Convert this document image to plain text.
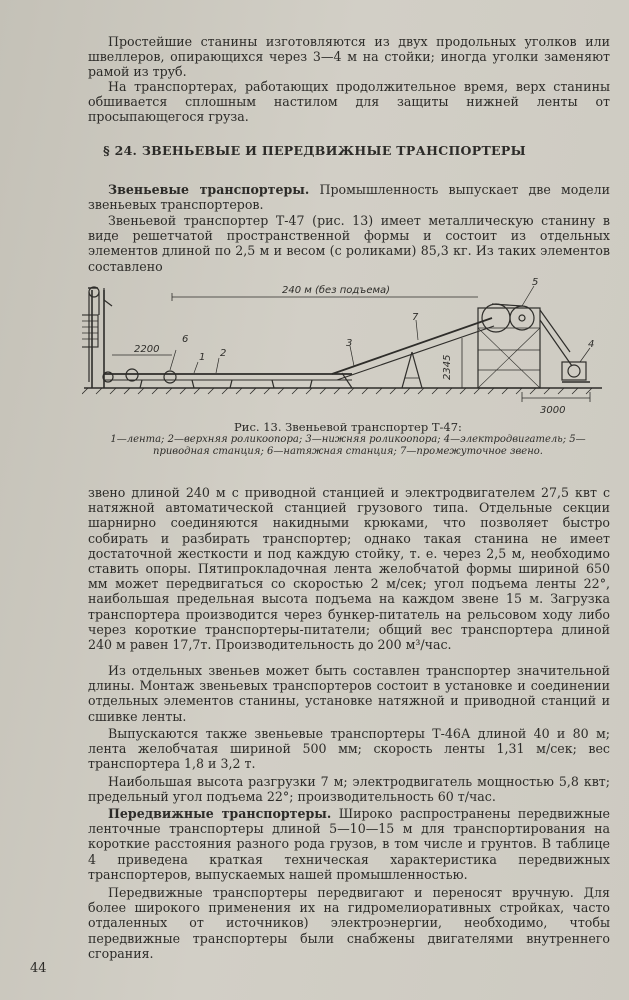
Простейшие станины изготовляются из двух продольных уголков или швеллеров, опирающихся через 3—4 м на стойки; иногда уголки заменяют рамой из труб.

На транспортерах, работающих продолжительное время, верх станины обшивается сплошным настилом для защиты нижней ленты от просыпающегося груза.

§ 24. ЗВЕНЬЕВЫЕ И ПЕРЕДВИЖНЫЕ ТРАНСПОРТЕРЫ

Звеньевые транспортеры. Промышленность выпускает две модели звеньевых транспортеров.

Звеньевой транспортер Т-47 (рис. 13) имеет металлическую станину в виде решетчатой пространственной формы и состоит из отдельных элементов длиной по 2,5 м и весом (с роликами) 85,3 кг. Из таких элементов составлено

240 м (без подъема)
2200
2345
3000
1 2
3	4
5
6
7
Рис. 13. Звеньевой транспортер Т-47:
1—лента; 2—верхняя роликоопора; 3—нижняя роликоопора; 4—электродвигатель; 5—приводная станция; 6—натяжная станция; 7—промежуточное звено.

звено длиной 240 м с приводной станцией и электродвигателем 27,5 квт с натяжной автоматической станцией грузового типа. Отдельные секции шарнирно соединяются накидными крюками, что позволяет быстро собирать и разбирать транспортер; однако такая станина не имеет достаточной жесткости и под каждую стойку, т. е. через 2,5 м, необходимо ставить опоры. Пятипрокладочная лента желобчатой формы шириной 650 мм может передвигаться со скоростью 2 м/сек; угол подъема ленты 22°, наибольшая предельная высота подъема на каждом звене 15 м. Загрузка транспортера производится через бункер-питатель на рельсовом ходу либо через короткие транспортеры-питатели; общий вес транспортера длиной 240 м равен 17,7т. Производительность до 200 м³/час.

Из отдельных звеньев может быть составлен транспортер значительной длины. Монтаж звеньевых транспортеров состоит в установке и соединении отдельных элементов станины, установке натяжной и приводной станций и сшивке ленты.

Выпускаются также звеньевые транспортеры Т-46А длиной 40 и 80 м; лента желобчатая шириной 500 мм; скорость ленты 1,31 м/сек; вес транспортера 1,8 и 3,2 т.

Наибольшая высота разгрузки 7 м; электродвигатель мощностью 5,8 квт; предельный угол подъема 22°; производительность 60 т/час.

Передвижные транспортеры. Широко распространены передвижные ленточные транспортеры длиной 5—10—15 м для транспортирования на короткие расстояния разного рода грузов, в том числе и грунтов. В таблице 4 приведена краткая техническая характеристика передвижных транспортеров, выпускаемых нашей промышленностью.

Передвижные транспортеры передвигают и переносят вручную. Для более широкого применения их на гидромелиоративных стройках, часто отдаленных от источников) электроэнергии, необходимо, чтобы передвижные транспортеры были снабжены двигателями внутреннего сгорания.

44
